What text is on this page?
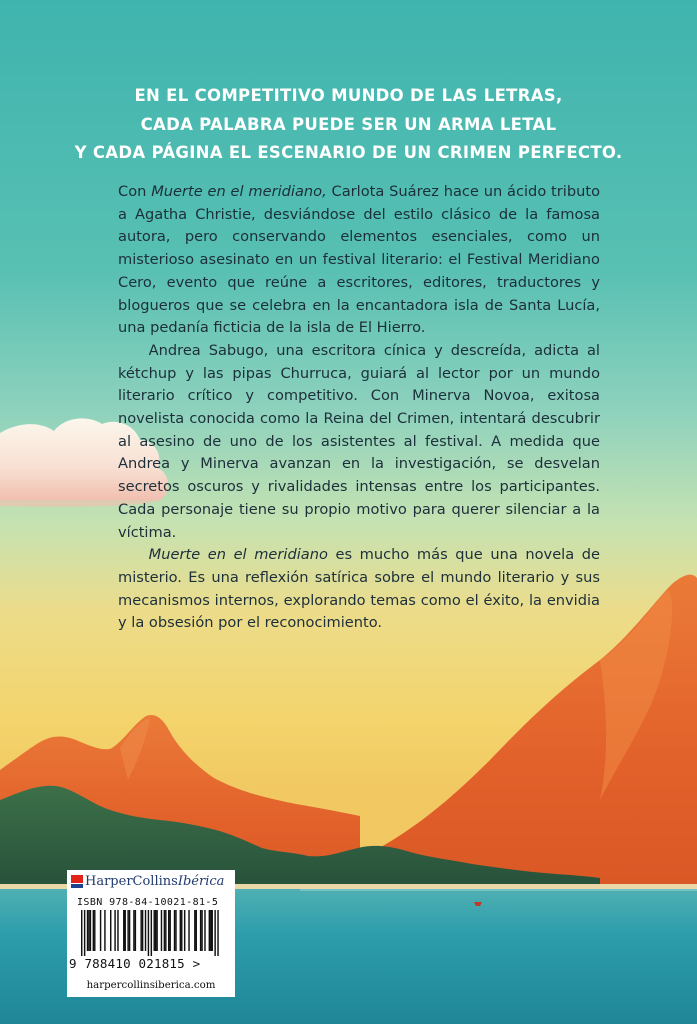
EN EL COMPETITIVO MUNDO DE LAS LETRAS,
CADA PALABRA PUEDE SER UN ARMA LETAL
Y CADA PÁGINA EL ESCENARIO DE UN CRIMEN PERFECTO.

Con Muerte en el meridiano, Carlota Suárez hace un ácido tributo a Agatha Christie, desviándose del estilo clásico de la famosa autora, pero conservando elementos esenciales, como un misterioso asesinato en un festival literario: el Festival Meridiano Cero, evento que reúne a escritores, editores, traductores y blogueros que se celebra en la encantadora isla de Santa Lucía, una pedanía ficticia de la isla de El Hierro.

Andrea Sabugo, una escritora cínica y descreída, adicta al kétchup y las pipas Churruca, guiará al lector por un mundo literario crítico y competitivo. Con Minerva Novoa, exitosa novelista conocida como la Reina del Crimen, intentará descubrir al asesino de uno de los asistentes al festival. A medida que Andrea y Minerva avanzan en la investigación, se desvelan secretos oscuros y rivalidades intensas entre los participantes. Cada personaje tiene su propio motivo para querer silenciar a la víctima.

Muerte en el meridiano es mucho más que una novela de misterio. Es una reflexión satírica sobre el mundo literario y sus mecanismos internos, explorando temas como el éxito, la envidia y la obsesión por el reconocimiento.

HarperCollins Ibérica
ISBN 978-84-10021-81-5
9 788410 021815 >
harpercollinsiberica.com
